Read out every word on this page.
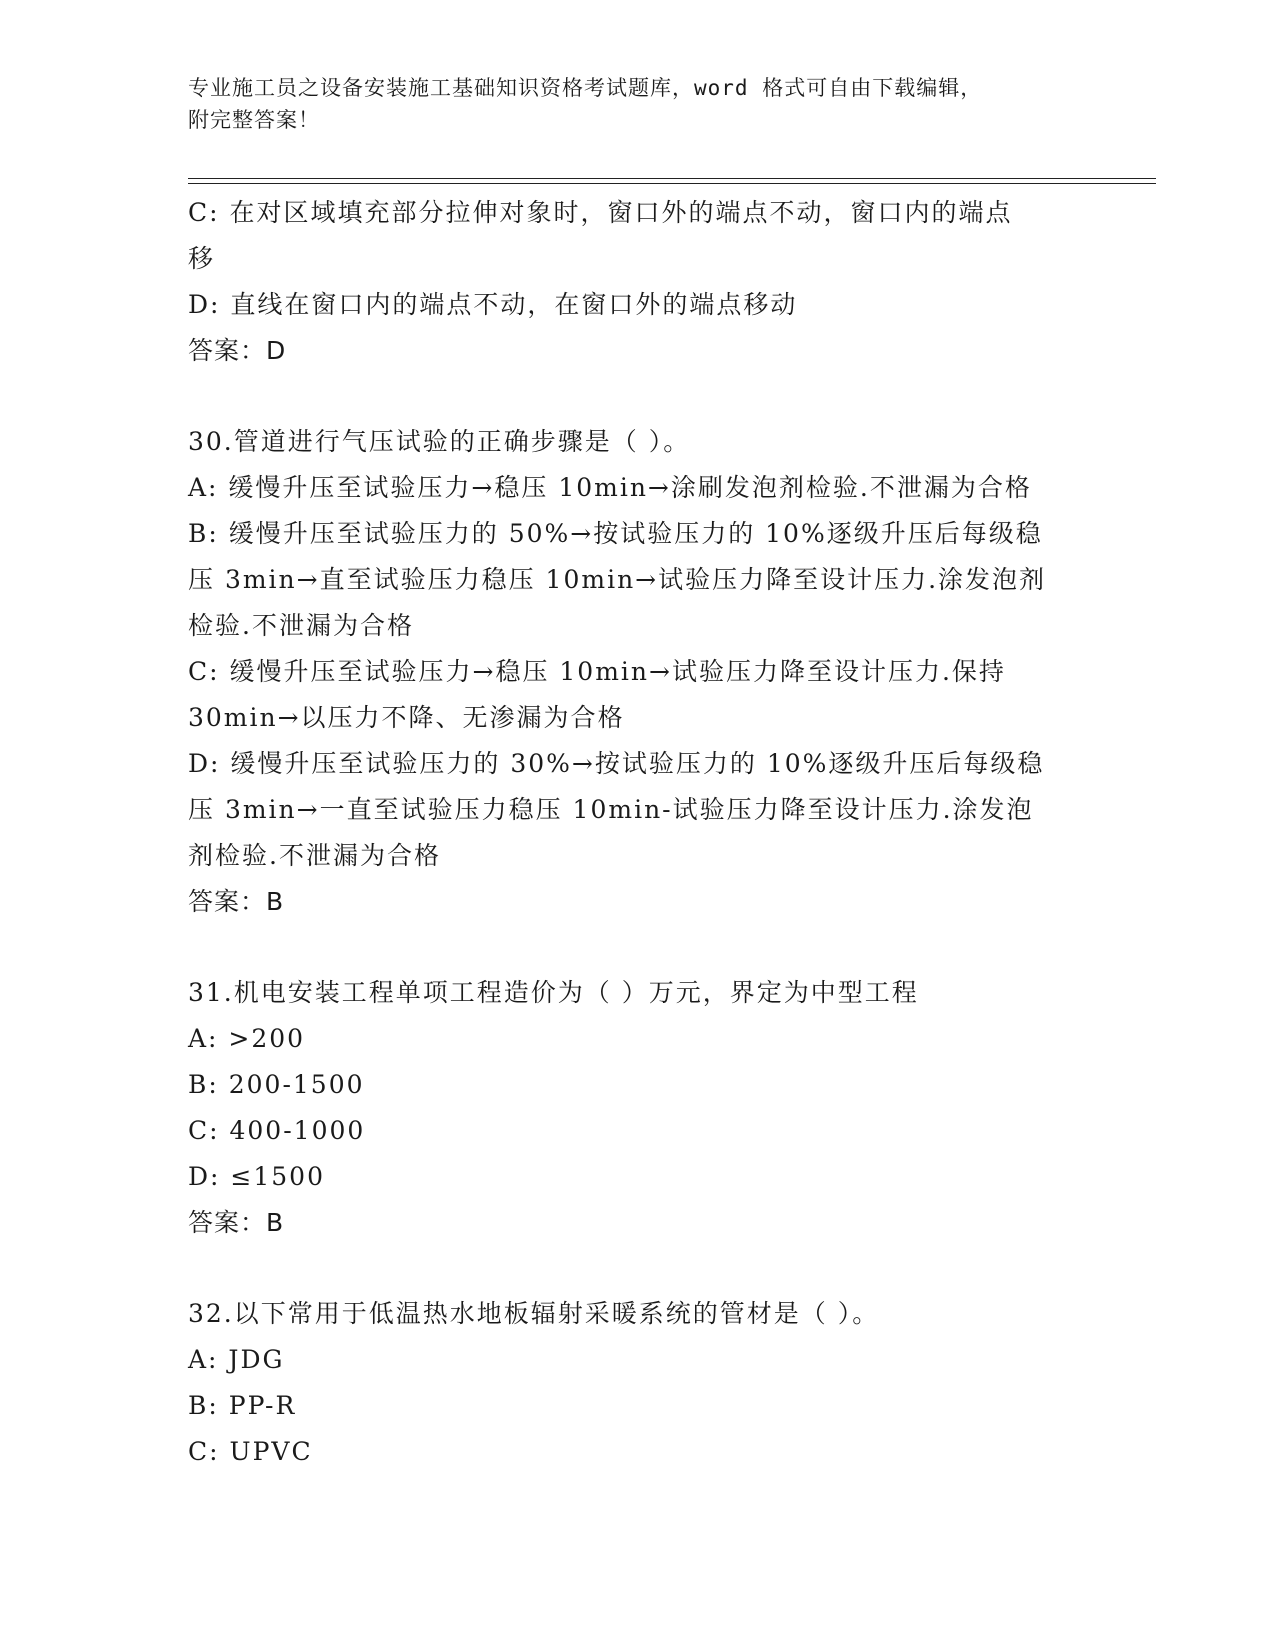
专业施工员之设备安装施工基础知识资格考试题库，word 格式可自由下载编辑，
附完整答案！
C: 在对区域填充部分拉伸对象时，窗口外的端点不动，窗口内的端点
移
D: 直线在窗口内的端点不动，在窗口外的端点移动
答案：D
30.管道进行气压试验的正确步骤是（ ）。
A: 缓慢升压至试验压力→稳压 10min→涂刷发泡剂检验.不泄漏为合格
B: 缓慢升压至试验压力的 50%→按试验压力的 10%逐级升压后每级稳
压 3min→直至试验压力稳压 10min→试验压力降至设计压力.涂发泡剂
检验.不泄漏为合格
C: 缓慢升压至试验压力→稳压 10min→试验压力降至设计压力.保持
30min→以压力不降、无渗漏为合格
D: 缓慢升压至试验压力的 30%→按试验压力的 10%逐级升压后每级稳
压 3min→一直至试验压力稳压 10min-试验压力降至设计压力.涂发泡
剂检验.不泄漏为合格
答案：B
31.机电安装工程单项工程造价为（ ）万元，界定为中型工程
A: >200
B: 200-1500
C: 400-1000
D: ≤1500
答案：B
32.以下常用于低温热水地板辐射采暖系统的管材是（ ）。
A: JDG
B: PP-R
C: UPVC
